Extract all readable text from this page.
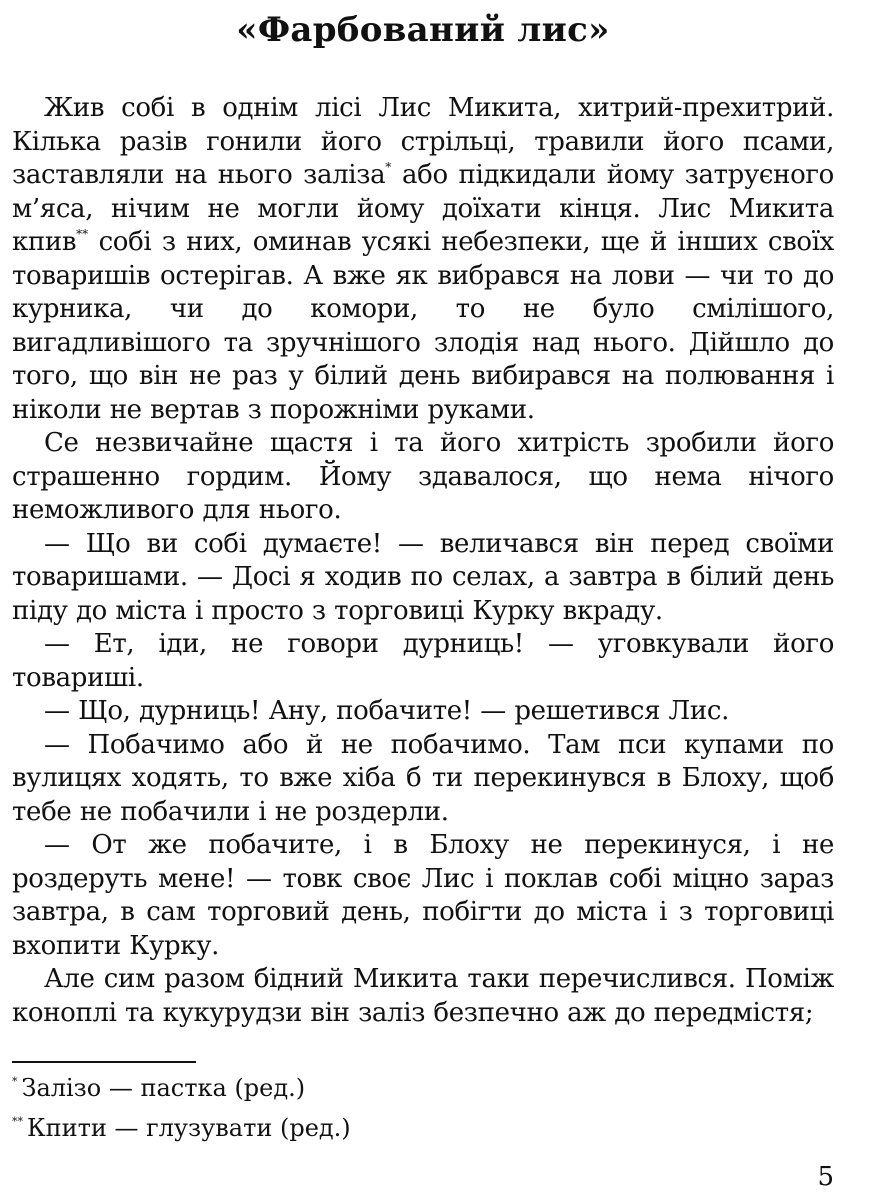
«Фарбований лис»

Жив собі в однім лісі Лис Микита, хитрий-прехитрий. Кілька разів гонили його стрільці, травили його псами, заставляли на нього заліза* або підкидали йому затруєного м’яса, нічим не могли йому доїхати кінця. Лис Микита кпив** собі з них, оминав усякі небезпеки, ще й інших своїх товаришів остерігав. А вже як вибрався на лови — чи то до курника, чи до комори, то не було смілішого, вигадливішого та зручнішого злодія над нього. Дійшло до того, що він не раз у білий день вибирався на полювання і ніколи не вертав з порожніми руками.

Се незвичайне щастя і та його хитрість зробили його страшенно гордим. Йому здавалося, що нема нічого неможливого для нього.

— Що ви собі думаєте! — величався він перед своїми товаришами. — Досі я ходив по селах, а завтра в білий день піду до міста і просто з торговиці Курку вкраду.

— Ет, іди, не говори дурниць! — уговкували його товариші.

— Що, дурниць! Ану, побачите! — решетився Лис.

— Побачимо або й не побачимо. Там пси купами по вулицях ходять, то вже хіба б ти перекинувся в Блоху, щоб тебе не побачили і не роздерли.

— От же побачите, і в Блоху не перекинуся, і не роздеруть мене! — товк своє Лис і поклав собі міцно зараз завтра, в сам торговий день, побігти до міста і з торговиці вхопити Курку.

Але сим разом бідний Микита таки перечислився. Поміж коноплі та кукурудзи він заліз безпечно аж до передмістя;

* Залізо — пастка (ред.)

** Кпити — глузувати (ред.)

5
